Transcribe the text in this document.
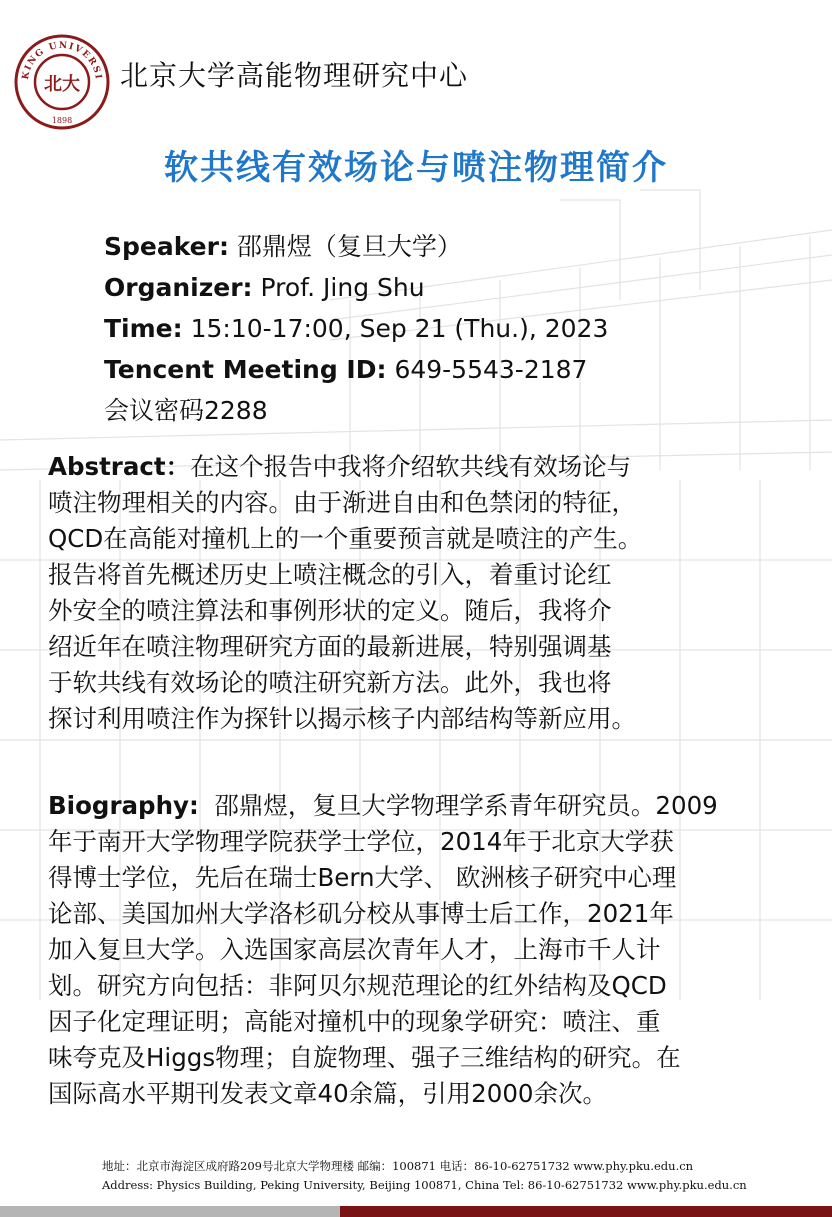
KING UNIVERSI
1898
北大 北京大学高能物理研究中心
软共线有效场论与喷注物理简介
Speaker: 邵鼎煜（复旦大学）
Organizer: Prof. Jing Shu
Time: 15:10-17:00, Sep 21 (Thu.), 2023
Tencent Meeting ID: 649-5543-2187
会议密码2288
Abstract：在这个报告中我将介绍软共线有效场论与
喷注物理相关的内容。由于渐进自由和色禁闭的特征，
QCD在高能对撞机上的一个重要预言就是喷注的产生。
报告将首先概述历史上喷注概念的引入，着重讨论红
外安全的喷注算法和事例形状的定义。随后，我将介
绍近年在喷注物理研究方面的最新进展，特别强调基
于软共线有效场论的喷注研究新方法。此外，我也将
探讨利用喷注作为探针以揭示核子内部结构等新应用。
Biography: 邵鼎煜，复旦大学物理学系青年研究员。2009
年于南开大学物理学院获学士学位，2014年于北京大学获
得博士学位，先后在瑞士Bern大学、 欧洲核子研究中心理
论部、美国加州大学洛杉矶分校从事博士后工作，2021年
加入复旦大学。入选国家高层次青年人才，上海市千人计
划。研究方向包括：非阿贝尔规范理论的红外结构及QCD
因子化定理证明；高能对撞机中的现象学研究：喷注、重
味夸克及Higgs物理；自旋物理、强子三维结构的研究。在
国际高水平期刊发表文章40余篇，引用2000余次。
地址：北京市海淀区成府路209号北京大学物理楼 邮编：100871 电话：86-10-62751732 www.phy.pku.edu.cn
Address: Physics Building, Peking University, Beijing 100871, China Tel: 86-10-62751732 www.phy.pku.edu.cn
